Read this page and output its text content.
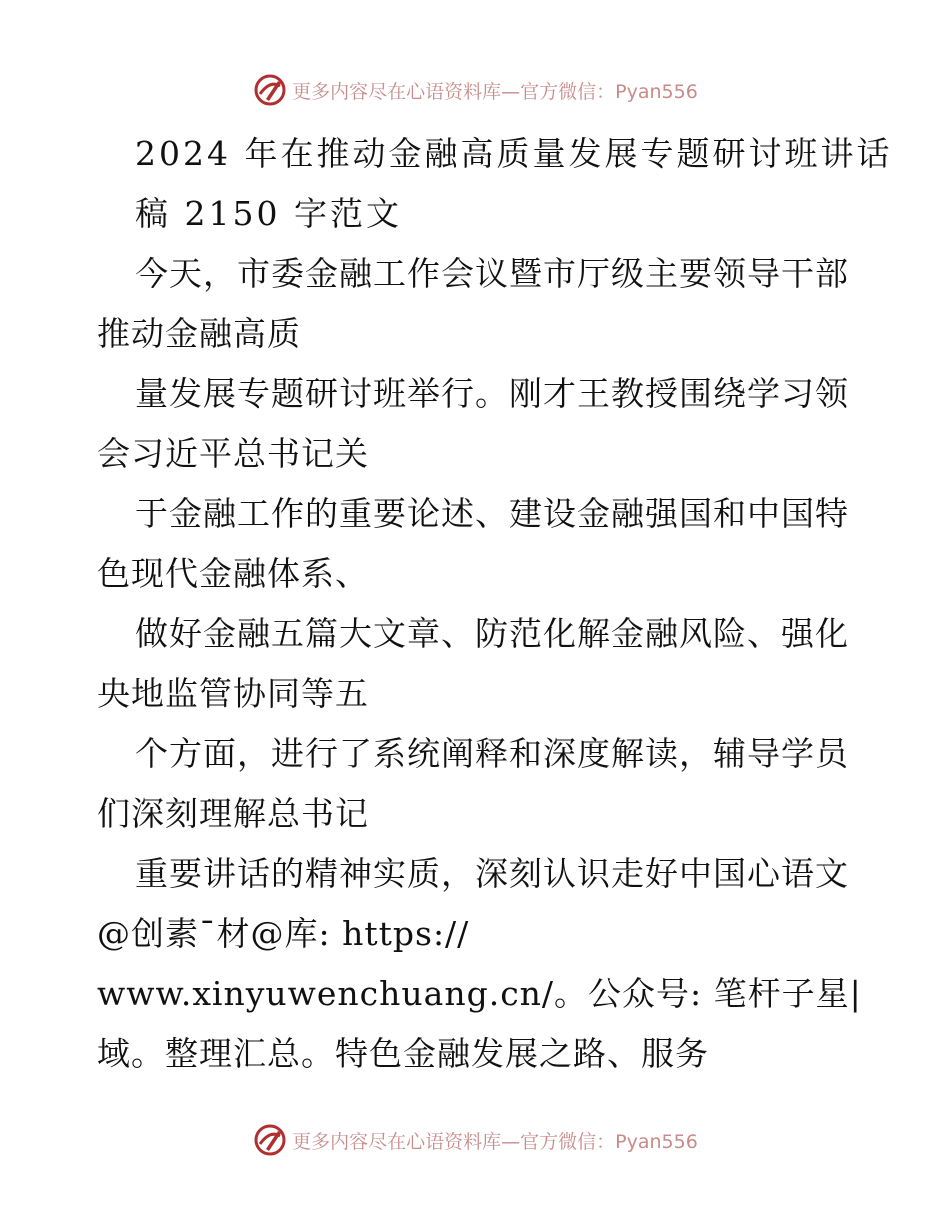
更多内容尽在心语资料库—官方微信：Pyan556
2024 年在推动金融高质量发展专题研讨班讲话
稿 2150 字范文
今天，市委金融工作会议暨市厅级主要领导干部
推动金融高质
量发展专题研讨班举行。刚才王教授围绕学习领
会习近平总书记关
于金融工作的重要论述、建设金融强国和中国特
色现代金融体系、
做好金融五篇大文章、防范化解金融风险、强化
央地监管协同等五
个方面，进行了系统阐释和深度解读，辅导学员
们深刻理解总书记
重要讲话的精神实质，深刻认识走好中国心语文
@创素¯材@库: https://
www.xinyuwenchuang.cn/。公众号: 笔杆子星|
域。整理汇总。特色金融发展之路、服务
更多内容尽在心语资料库—官方微信：Pyan556
